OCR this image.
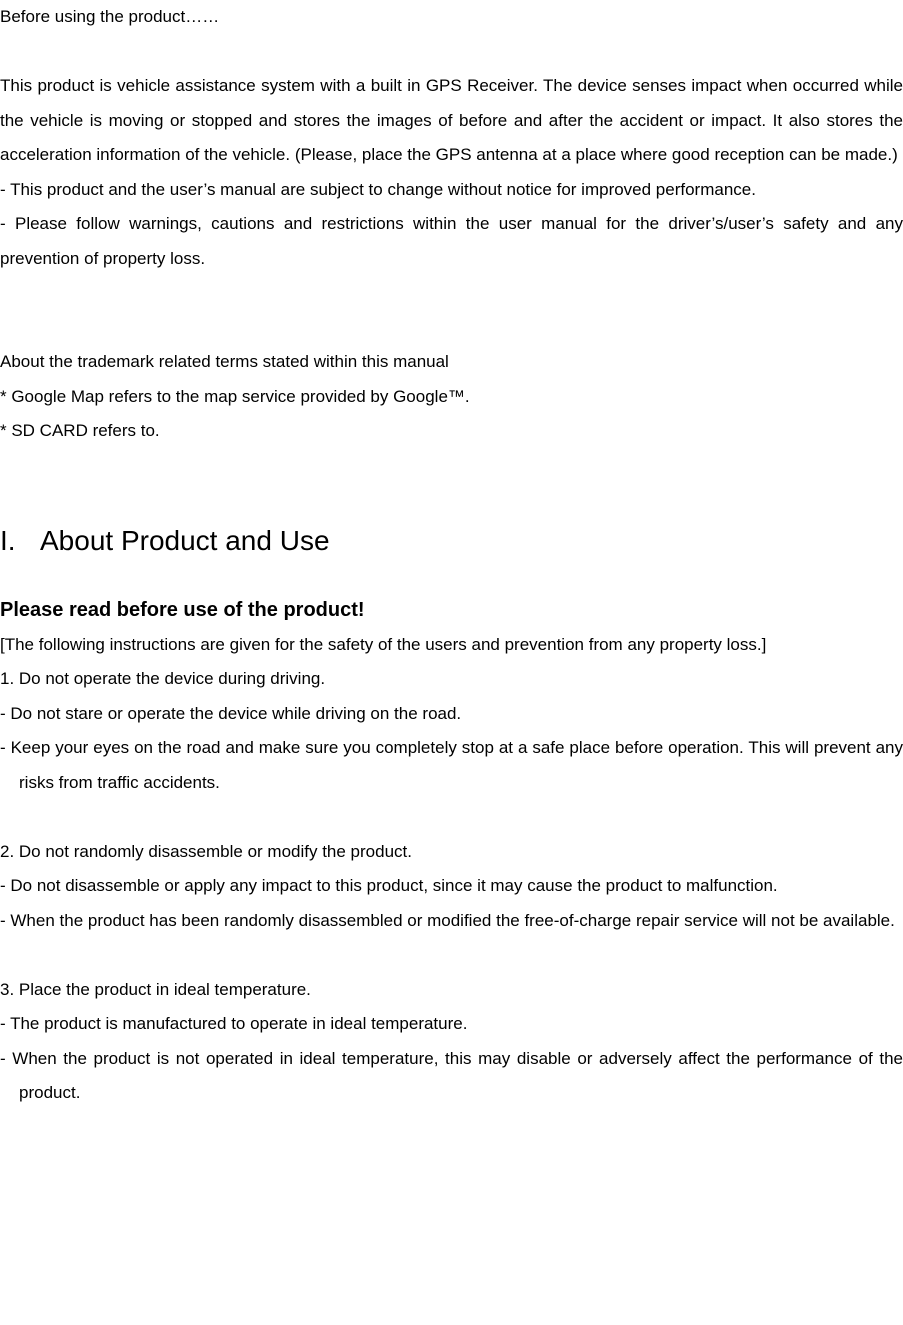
Before using the product……

This product is vehicle assistance system with a built in GPS Receiver. The device senses impact when occurred while the vehicle is moving or stopped and stores the images of before and after the accident or impact. It also stores the acceleration information of the vehicle. (Please, place the GPS antenna at a place where good reception can be made.)

- This product and the user’s manual are subject to change without notice for improved performance.

- Please follow warnings, cautions and restrictions within the user manual for the driver’s/user’s safety and any prevention of property loss.

About the trademark related terms stated within this manual

* Google Map refers to the map service provided by Google™.

* SD CARD refers to.

I. About Product and Use
Please read before use of the product!

[The following instructions are given for the safety of the users and prevention from any property loss.]

1. Do not operate the device during driving.

- Do not stare or operate the device while driving on the road.

- Keep your eyes on the road and make sure you completely stop at a safe place before operation. This will prevent any risks from traffic accidents.

2. Do not randomly disassemble or modify the product.

- Do not disassemble or apply any impact to this product, since it may cause the product to malfunction.

- When the product has been randomly disassembled or modified the free-of-charge repair service will not be available.

3. Place the product in ideal temperature.

- The product is manufactured to operate in ideal temperature.

- When the product is not operated in ideal temperature, this may disable or adversely affect the performance of the product.
